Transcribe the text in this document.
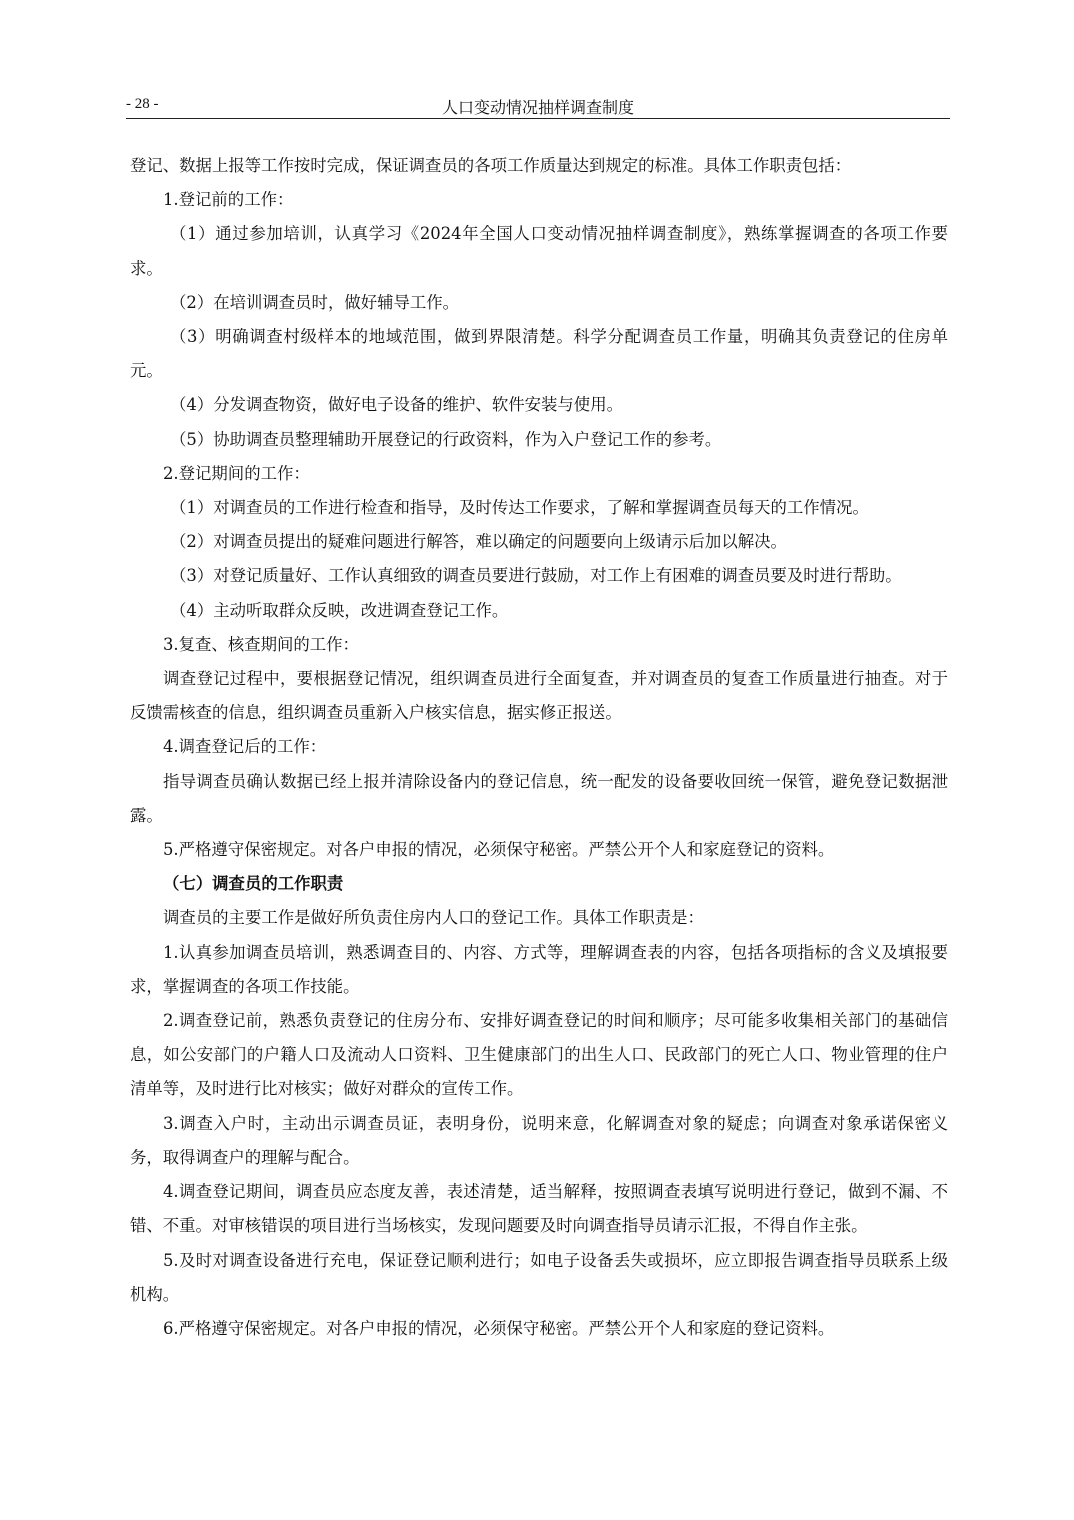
- 28 -	人口变动情况抽样调查制度

登记、数据上报等工作按时完成，保证调查员的各项工作质量达到规定的标准。具体工作职责包括：

1.登记前的工作：

（1）通过参加培训，认真学习《2024年全国人口变动情况抽样调查制度》，熟练掌握调查的各项工作要求。

（2）在培训调查员时，做好辅导工作。

（3）明确调查村级样本的地域范围，做到界限清楚。科学分配调查员工作量，明确其负责登记的住房单元。

（4）分发调查物资，做好电子设备的维护、软件安装与使用。

（5）协助调查员整理辅助开展登记的行政资料，作为入户登记工作的参考。

2.登记期间的工作：

（1）对调查员的工作进行检查和指导，及时传达工作要求，了解和掌握调查员每天的工作情况。

（2）对调查员提出的疑难问题进行解答，难以确定的问题要向上级请示后加以解决。

（3）对登记质量好、工作认真细致的调查员要进行鼓励，对工作上有困难的调查员要及时进行帮助。

（4）主动听取群众反映，改进调查登记工作。

3.复查、核查期间的工作：

调查登记过程中，要根据登记情况，组织调查员进行全面复查，并对调查员的复查工作质量进行抽查。对于反馈需核查的信息，组织调查员重新入户核实信息，据实修正报送。

4.调查登记后的工作：

指导调查员确认数据已经上报并清除设备内的登记信息，统一配发的设备要收回统一保管，避免登记数据泄露。

5.严格遵守保密规定。对各户申报的情况，必须保守秘密。严禁公开个人和家庭登记的资料。

（七）调查员的工作职责

调查员的主要工作是做好所负责住房内人口的登记工作。具体工作职责是：

1.认真参加调查员培训，熟悉调查目的、内容、方式等，理解调查表的内容，包括各项指标的含义及填报要求，掌握调查的各项工作技能。

2.调查登记前，熟悉负责登记的住房分布、安排好调查登记的时间和顺序；尽可能多收集相关部门的基础信息，如公安部门的户籍人口及流动人口资料、卫生健康部门的出生人口、民政部门的死亡人口、物业管理的住户清单等，及时进行比对核实；做好对群众的宣传工作。

3.调查入户时，主动出示调查员证，表明身份，说明来意，化解调查对象的疑虑；向调查对象承诺保密义务，取得调查户的理解与配合。

4.调查登记期间，调查员应态度友善，表述清楚，适当解释，按照调查表填写说明进行登记，做到不漏、不错、不重。对审核错误的项目进行当场核实，发现问题要及时向调查指导员请示汇报，不得自作主张。

5.及时对调查设备进行充电，保证登记顺利进行；如电子设备丢失或损坏，应立即报告调查指导员联系上级机构。

6.严格遵守保密规定。对各户申报的情况，必须保守秘密。严禁公开个人和家庭的登记资料。
